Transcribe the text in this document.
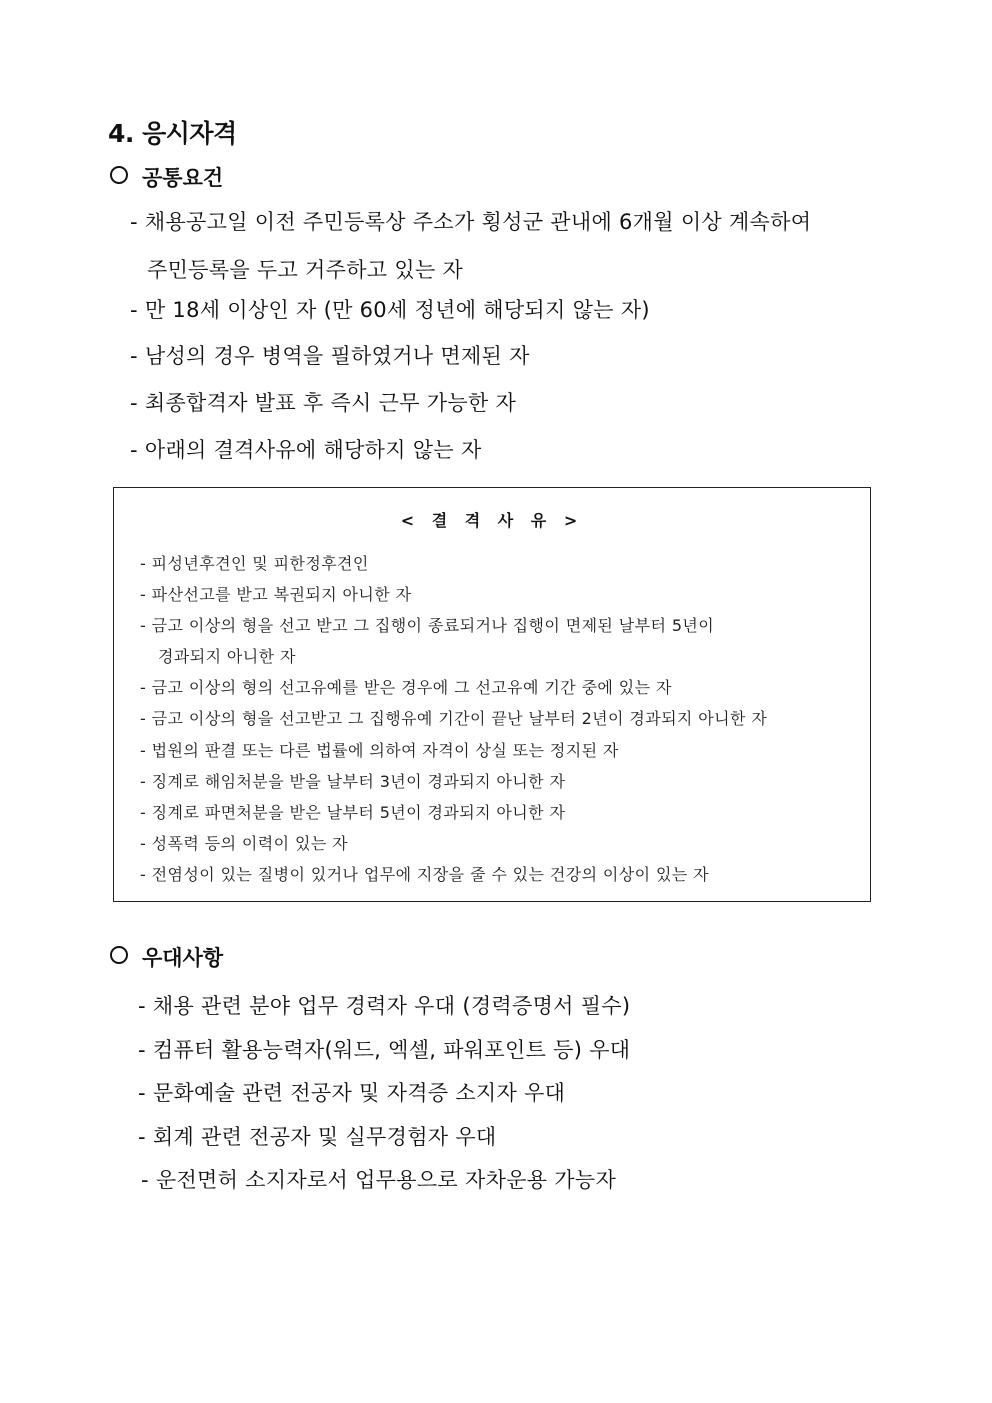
4. 응시자격
공통요건
- 채용공고일 이전 주민등록상 주소가 횡성군 관내에 6개월 이상 계속하여
주민등록을 두고 거주하고 있는 자
- 만 18세 이상인 자 (만 60세 정년에 해당되지 않는 자)
- 남성의 경우 병역을 필하였거나 면제된 자
- 최종합격자 발표 후 즉시 근무 가능한 자
- 아래의 결격사유에 해당하지 않는 자
< 결 격 사 유 >
- 피성년후견인 및 피한정후견인
- 파산선고를 받고 복권되지 아니한 자
- 금고 이상의 형을 선고 받고 그 집행이 종료되거나 집행이 면제된 날부터 5년이
경과되지 아니한 자
- 금고 이상의 형의 선고유예를 받은 경우에 그 선고유예 기간 중에 있는 자
- 금고 이상의 형을 선고받고 그 집행유예 기간이 끝난 날부터 2년이 경과되지 아니한 자
- 법원의 판결 또는 다른 법률에 의하여 자격이 상실 또는 정지된 자
- 징계로 해임처분을 받을 날부터 3년이 경과되지 아니한 자
- 징계로 파면처분을 받은 날부터 5년이 경과되지 아니한 자
- 성폭력 등의 이력이 있는 자
- 전염성이 있는 질병이 있거나 업무에 지장을 줄 수 있는 건강의 이상이 있는 자
우대사항
- 채용 관련 분야 업무 경력자 우대 (경력증명서 필수)
- 컴퓨터 활용능력자(워드, 엑셀, 파워포인트 등) 우대
- 문화예술 관련 전공자 및 자격증 소지자 우대
- 회계 관련 전공자 및 실무경험자 우대
- 운전면허 소지자로서 업무용으로 자차운용 가능자
